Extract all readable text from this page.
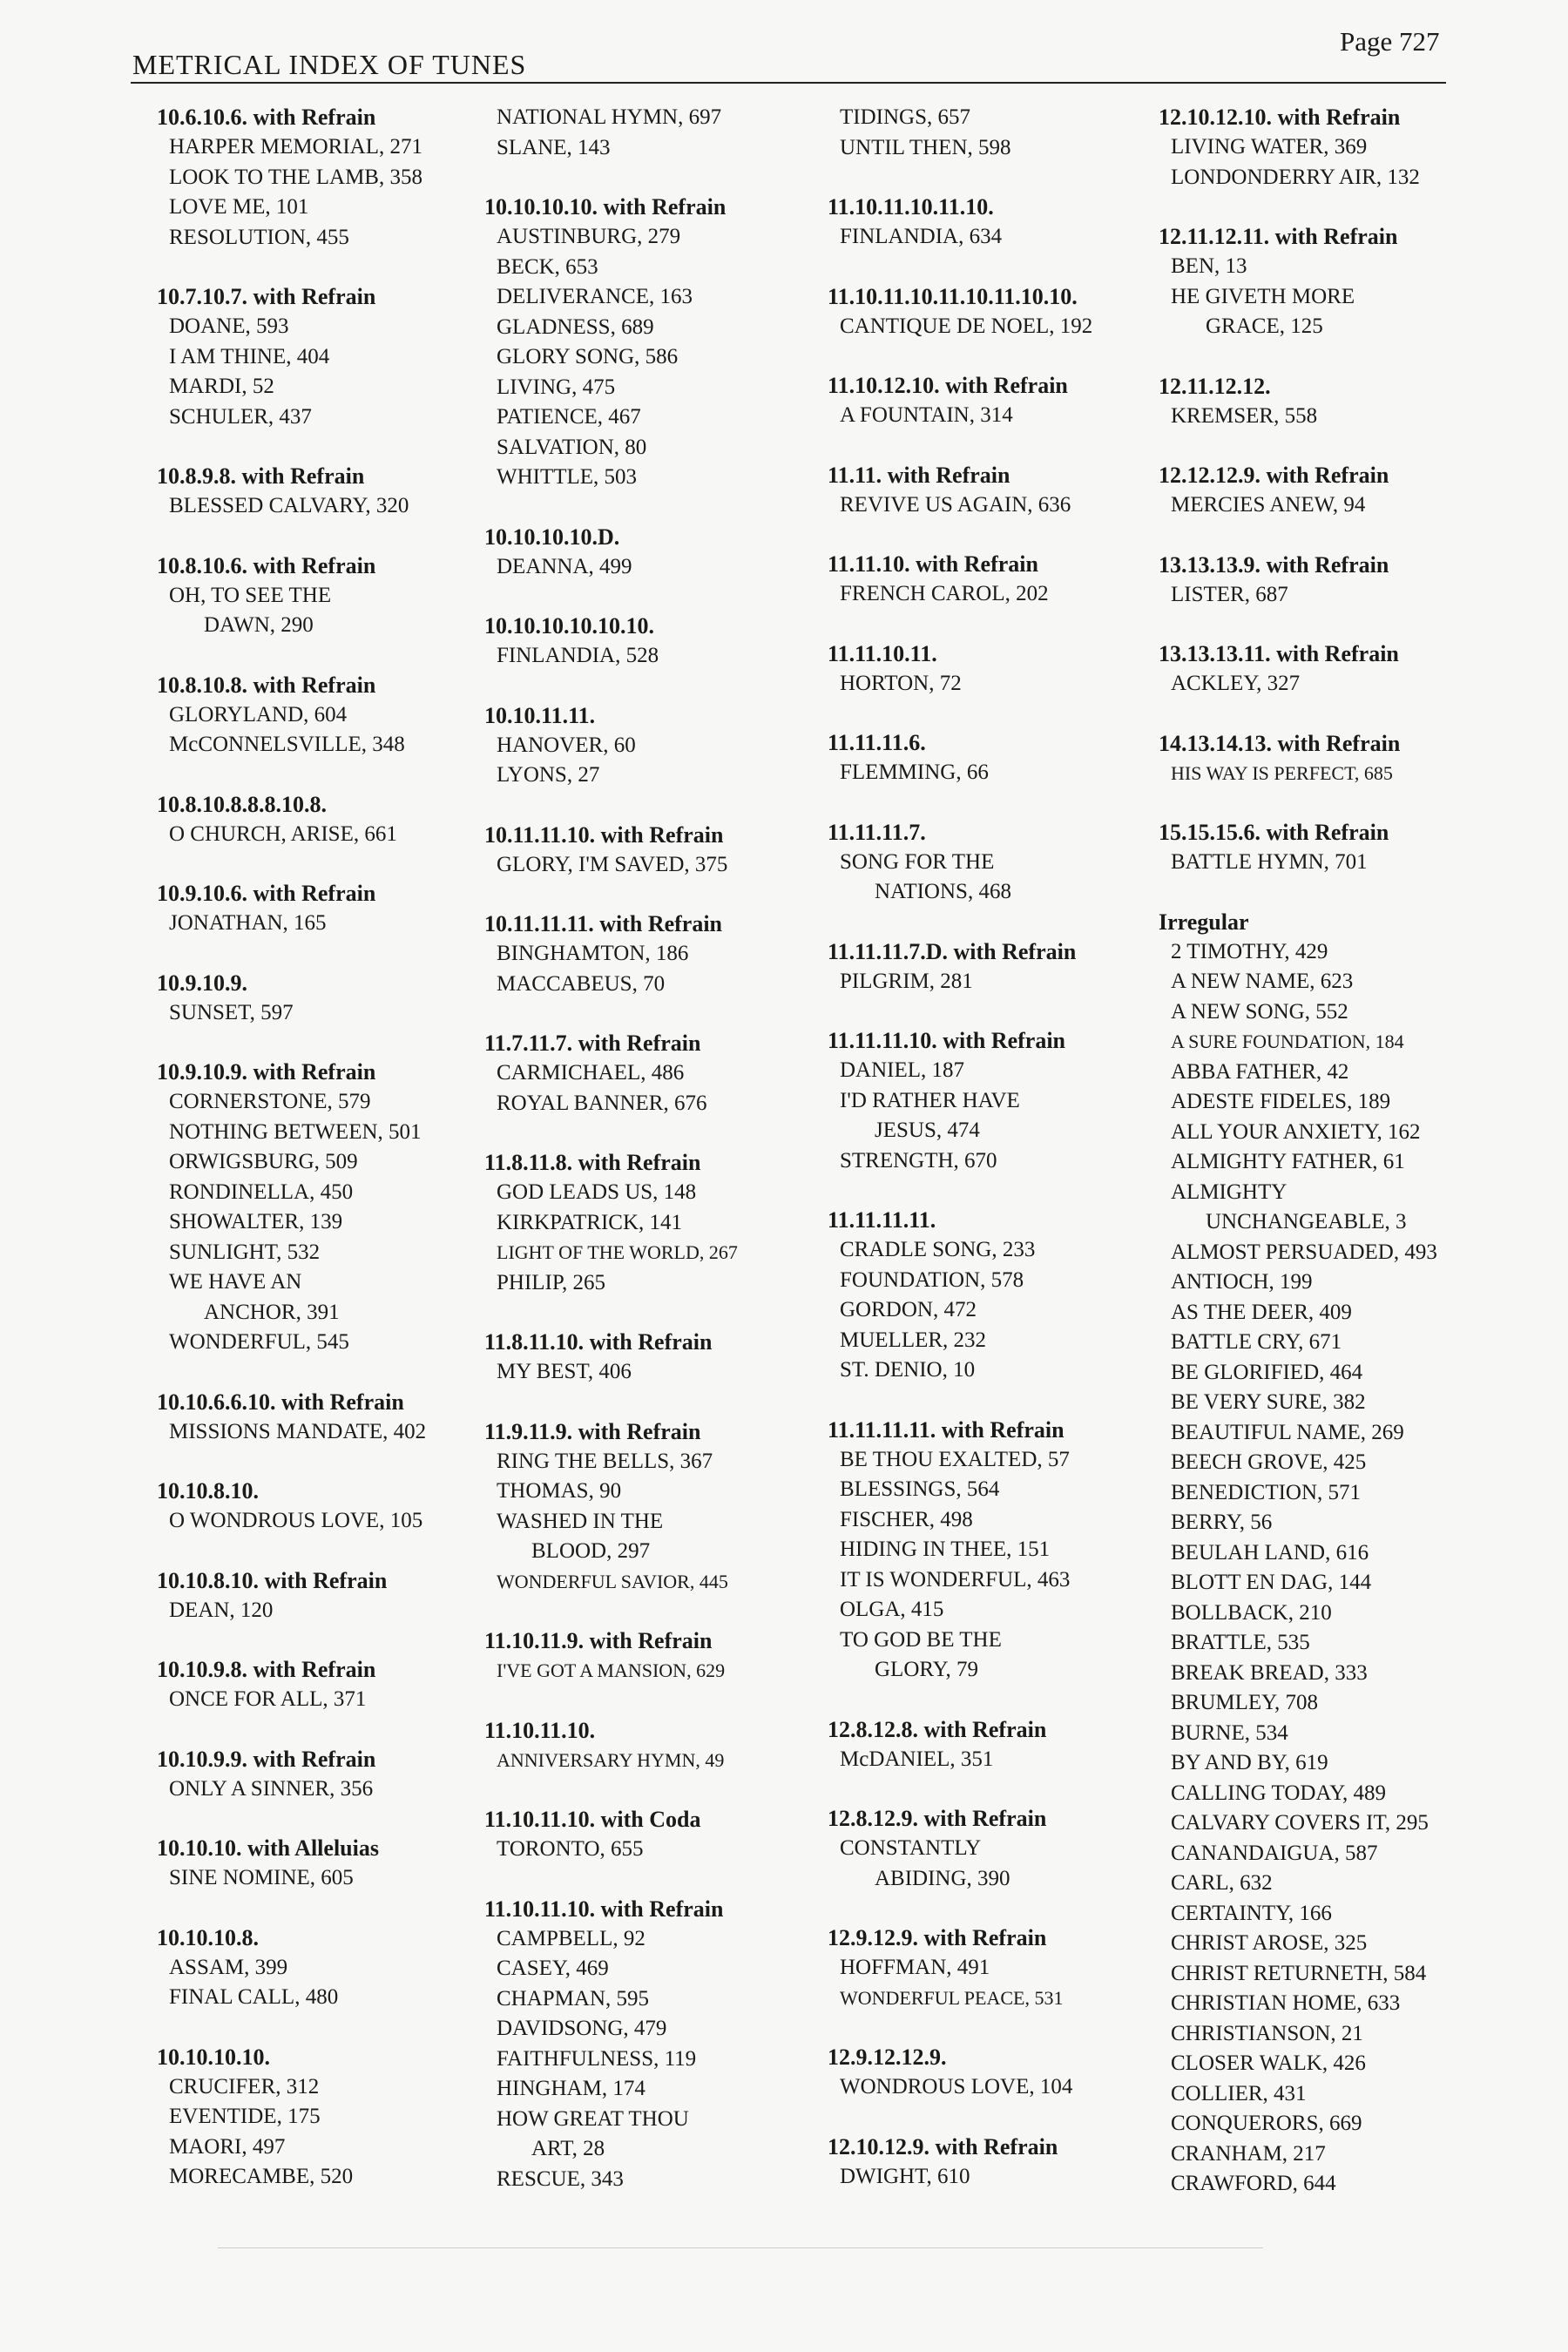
METRICAL INDEX OF TUNES
Page 727
10.6.10.6. with Refrain
HARPER MEMORIAL, 271
LOOK TO THE LAMB, 358
LOVE ME, 101
RESOLUTION, 455
10.7.10.7. with Refrain
DOANE, 593
I AM THINE, 404
MARDI, 52
SCHULER, 437
10.8.9.8. with Refrain
BLESSED CALVARY, 320
10.8.10.6. with Refrain
OH, TO SEE THE
DAWN, 290
10.8.10.8. with Refrain
GLORYLAND, 604
McCONNELSVILLE, 348
10.8.10.8.8.8.10.8.
O CHURCH, ARISE, 661
10.9.10.6. with Refrain
JONATHAN, 165
10.9.10.9.
SUNSET, 597
10.9.10.9. with Refrain
CORNERSTONE, 579
NOTHING BETWEEN, 501
ORWIGSBURG, 509
RONDINELLA, 450
SHOWALTER, 139
SUNLIGHT, 532
WE HAVE AN
ANCHOR, 391
WONDERFUL, 545
10.10.6.6.10. with Refrain
MISSIONS MANDATE, 402
10.10.8.10.
O WONDROUS LOVE, 105
10.10.8.10. with Refrain
DEAN, 120
10.10.9.8. with Refrain
ONCE FOR ALL, 371
10.10.9.9. with Refrain
ONLY A SINNER, 356
10.10.10. with Alleluias
SINE NOMINE, 605
10.10.10.8.
ASSAM, 399
FINAL CALL, 480
10.10.10.10.
CRUCIFER, 312
EVENTIDE, 175
MAORI, 497
MORECAMBE, 520
NATIONAL HYMN, 697
SLANE, 143
10.10.10.10. with Refrain
AUSTINBURG, 279
BECK, 653
DELIVERANCE, 163
GLADNESS, 689
GLORY SONG, 586
LIVING, 475
PATIENCE, 467
SALVATION, 80
WHITTLE, 503
10.10.10.10.D.
DEANNA, 499
10.10.10.10.10.10.
FINLANDIA, 528
10.10.11.11.
HANOVER, 60
LYONS, 27
10.11.11.10. with Refrain
GLORY, I'M SAVED, 375
10.11.11.11. with Refrain
BINGHAMTON, 186
MACCABEUS, 70
11.7.11.7. with Refrain
CARMICHAEL, 486
ROYAL BANNER, 676
11.8.11.8. with Refrain
GOD LEADS US, 148
KIRKPATRICK, 141
LIGHT OF THE WORLD, 267
PHILIP, 265
11.8.11.10. with Refrain
MY BEST, 406
11.9.11.9. with Refrain
RING THE BELLS, 367
THOMAS, 90
WASHED IN THE
BLOOD, 297
WONDERFUL SAVIOR, 445
11.10.11.9. with Refrain
I'VE GOT A MANSION, 629
11.10.11.10.
ANNIVERSARY HYMN, 49
11.10.11.10. with Coda
TORONTO, 655
11.10.11.10. with Refrain
CAMPBELL, 92
CASEY, 469
CHAPMAN, 595
DAVIDSONG, 479
FAITHFULNESS, 119
HINGHAM, 174
HOW GREAT THOU
ART, 28
RESCUE, 343
TIDINGS, 657
UNTIL THEN, 598
11.10.11.10.11.10.
FINLANDIA, 634
11.10.11.10.11.10.11.10.10.
CANTIQUE DE NOEL, 192
11.10.12.10. with Refrain
A FOUNTAIN, 314
11.11. with Refrain
REVIVE US AGAIN, 636
11.11.10. with Refrain
FRENCH CAROL, 202
11.11.10.11.
HORTON, 72
11.11.11.6.
FLEMMING, 66
11.11.11.7.
SONG FOR THE
NATIONS, 468
11.11.11.7.D. with Refrain
PILGRIM, 281
11.11.11.10. with Refrain
DANIEL, 187
I'D RATHER HAVE
JESUS, 474
STRENGTH, 670
11.11.11.11.
CRADLE SONG, 233
FOUNDATION, 578
GORDON, 472
MUELLER, 232
ST. DENIO, 10
11.11.11.11. with Refrain
BE THOU EXALTED, 57
BLESSINGS, 564
FISCHER, 498
HIDING IN THEE, 151
IT IS WONDERFUL, 463
OLGA, 415
TO GOD BE THE
GLORY, 79
12.8.12.8. with Refrain
McDANIEL, 351
12.8.12.9. with Refrain
CONSTANTLY
ABIDING, 390
12.9.12.9. with Refrain
HOFFMAN, 491
WONDERFUL PEACE, 531
12.9.12.12.9.
WONDROUS LOVE, 104
12.10.12.9. with Refrain
DWIGHT, 610
12.10.12.10. with Refrain
LIVING WATER, 369
LONDONDERRY AIR, 132
12.11.12.11. with Refrain
BEN, 13
HE GIVETH MORE
GRACE, 125
12.11.12.12.
KREMSER, 558
12.12.12.9. with Refrain
MERCIES ANEW, 94
13.13.13.9. with Refrain
LISTER, 687
13.13.13.11. with Refrain
ACKLEY, 327
14.13.14.13. with Refrain
HIS WAY IS PERFECT, 685
15.15.15.6. with Refrain
BATTLE HYMN, 701
Irregular
2 TIMOTHY, 429
A NEW NAME, 623
A NEW SONG, 552
A SURE FOUNDATION, 184
ABBA FATHER, 42
ADESTE FIDELES, 189
ALL YOUR ANXIETY, 162
ALMIGHTY FATHER, 61
ALMIGHTY
UNCHANGEABLE, 3
ALMOST PERSUADED, 493
ANTIOCH, 199
AS THE DEER, 409
BATTLE CRY, 671
BE GLORIFIED, 464
BE VERY SURE, 382
BEAUTIFUL NAME, 269
BEECH GROVE, 425
BENEDICTION, 571
BERRY, 56
BEULAH LAND, 616
BLOTT EN DAG, 144
BOLLBACK, 210
BRATTLE, 535
BREAK BREAD, 333
BRUMLEY, 708
BURNE, 534
BY AND BY, 619
CALLING TODAY, 489
CALVARY COVERS IT, 295
CANANDAIGUA, 587
CARL, 632
CERTAINTY, 166
CHRIST AROSE, 325
CHRIST RETURNETH, 584
CHRISTIAN HOME, 633
CHRISTIANSON, 21
CLOSER WALK, 426
COLLIER, 431
CONQUERORS, 669
CRANHAM, 217
CRAWFORD, 644
